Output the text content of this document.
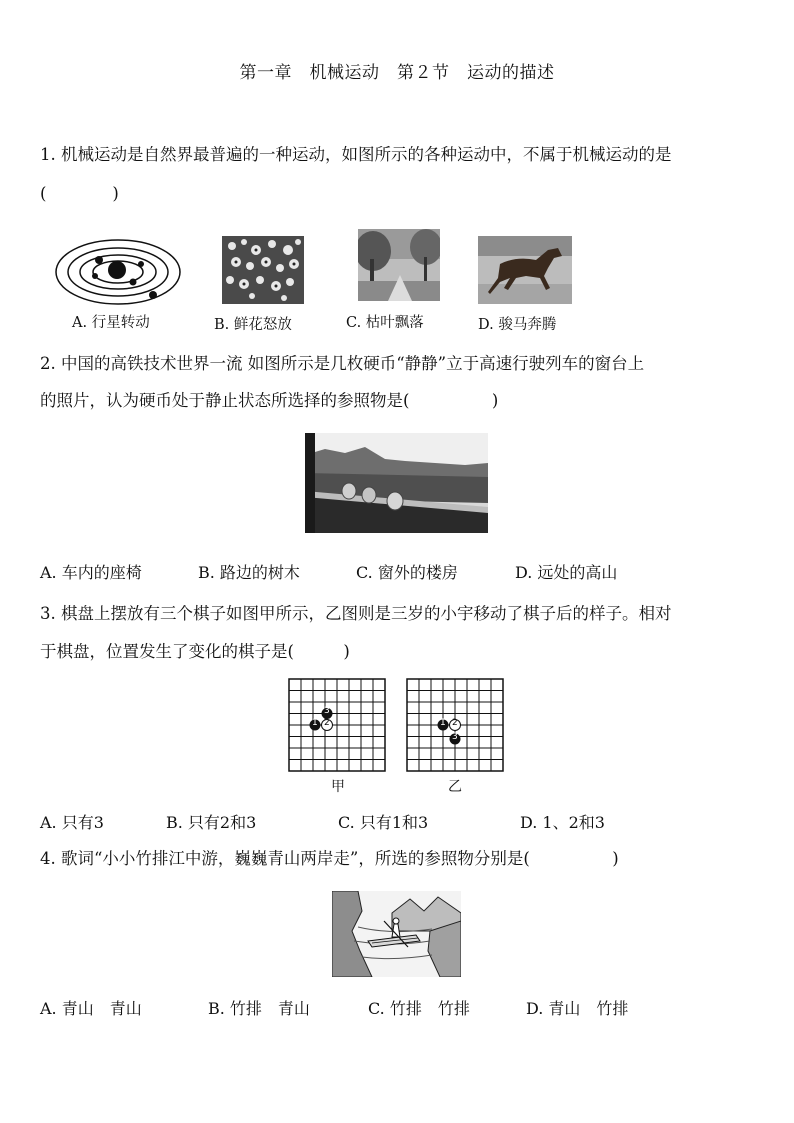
第一章　机械运动　第２节　运动的描述
1. 机械运动是自然界最普遍的一种运动，如图所示的各种运动中，不属于机械运动的是
(　　　　)
A. 行星转动	B. 鲜花怒放	C. 枯叶飘落	D. 骏马奔腾
2. 中国的高铁技术世界一流 如图所示是几枚硬币“静静”立于高速行驶列车的窗台上
的照片，认为硬币处于静止状态所选择的参照物是(　　　　　)
A. 车内的座椅	B. 路边的树木	C. 窗外的楼房	D. 远处的高山
3. 棋盘上摆放有三个棋子如图甲所示，乙图则是三岁的小宇移动了棋子后的样子。相对
于棋盘，位置发生了变化的棋子是(　　　)
3
1 2
甲
1 2
3
乙
A. 只有3	B. 只有2和3	C. 只有1和3	D. 1、2和3
4. 歌词“小小竹排江中游，巍巍青山两岸走”，所选的参照物分别是(　　　　　)
A. 青山　青山	B. 竹排　青山	C. 竹排　竹排	D. 青山　竹排
